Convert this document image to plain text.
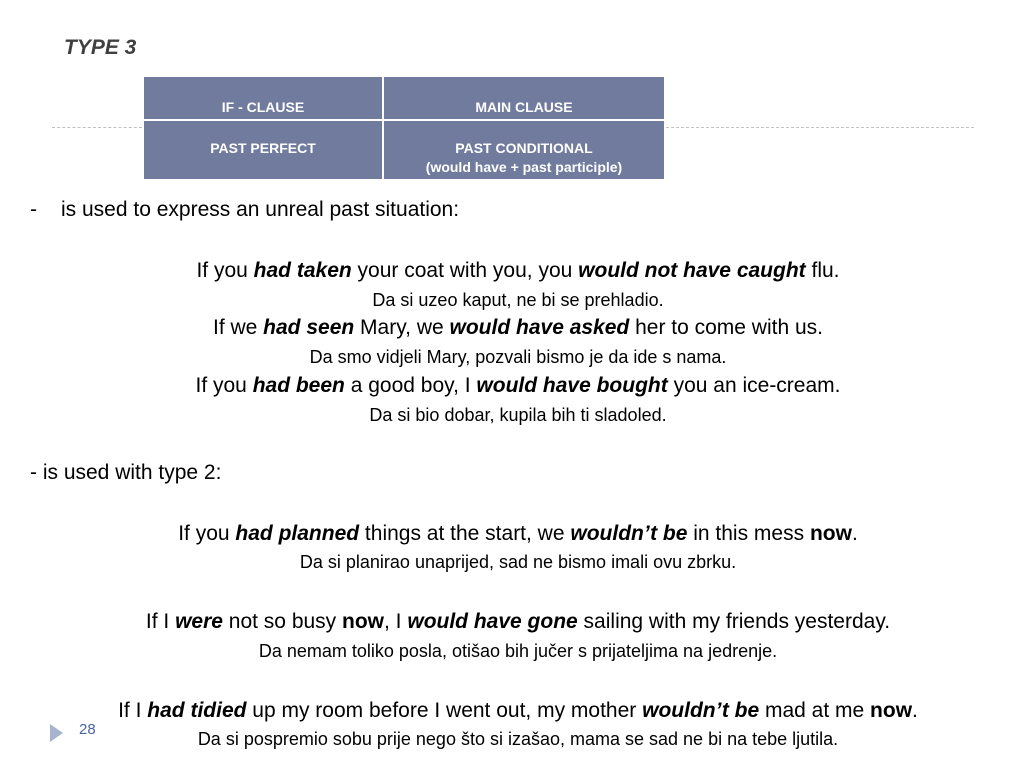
TYPE 3
IF - CLAUSE	MAIN CLAUSE
PAST PERFECT	PAST CONDITIONAL
(would have + past participle)
- is used to express an unreal past situation:
If you had taken your coat with you, you would not have caught flu.
Da si uzeo kaput, ne bi se prehladio.
If we had seen Mary, we would have asked her to come with us.
Da smo vidjeli Mary, pozvali bismo je da ide s nama.
If you had been a good boy, I would have bought you an ice-cream.
Da si bio dobar, kupila bih ti sladoled.
- is used with type 2:
If you had planned things at the start, we wouldn’t be in this mess now.
Da si planirao unaprijed, sad ne bismo imali ovu zbrku.
If I were not so busy now, I would have gone sailing with my friends yesterday.
Da nemam toliko posla, otišao bih jučer s prijateljima na jedrenje.
If I had tidied up my room before I went out, my mother wouldn’t be mad at me now.
Da si pospremio sobu prije nego što si izašao, mama se sad ne bi na tebe ljutila.
28
